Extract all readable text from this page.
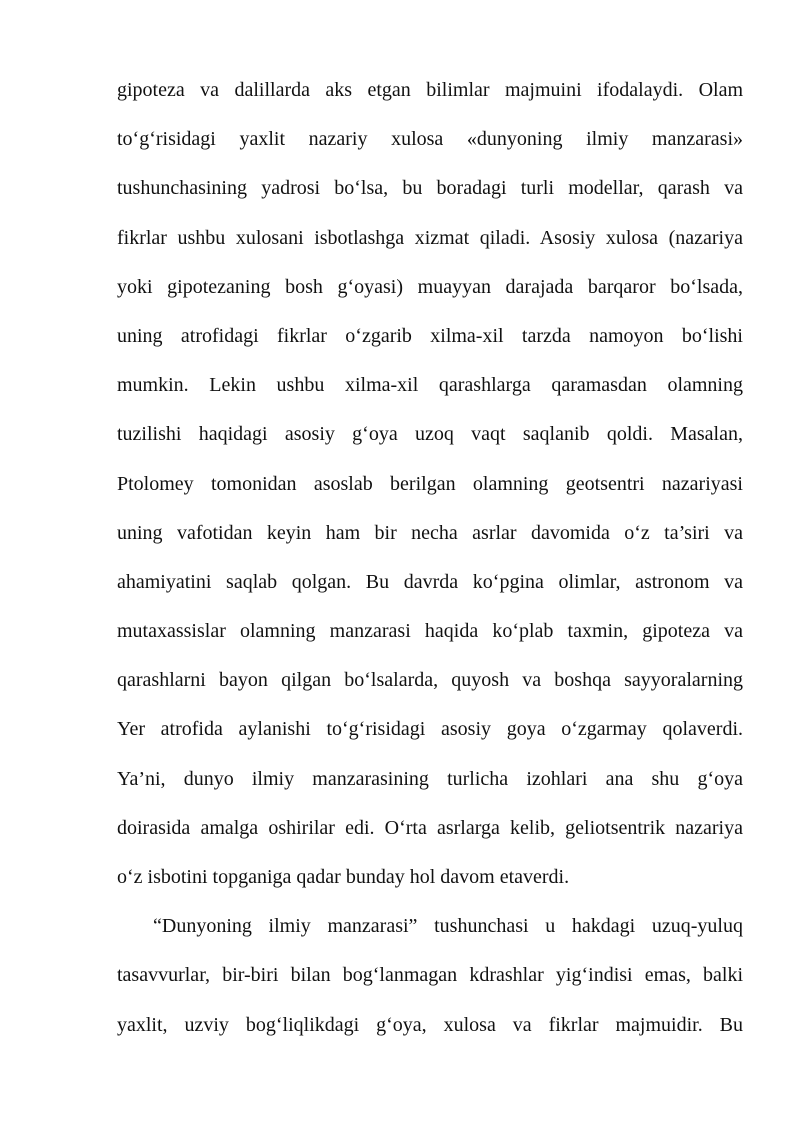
gipoteza va dalillarda aks etgan bilimlar majmuini ifodalaydi. Olam
to‘g‘risidagi yaxlit nazariy xulosa «dunyoning ilmiy manzarasi»
tushunchasining yadrosi bo‘lsa, bu boradagi turli modellar, qarash va
fikrlar ushbu xulosani isbotlashga xizmat qiladi. Asosiy xulosa (nazariya
yoki gipotezaning bosh g‘oyasi) muayyan darajada barqaror bo‘lsada,
uning atrofidagi fikrlar o‘zgarib xilma-xil tarzda namoyon bo‘lishi
mumkin. Lekin ushbu xilma-xil qarashlarga qaramasdan olamning
tuzilishi haqidagi asosiy g‘oya uzoq vaqt saqlanib qoldi. Masalan,
Ptolomey tomonidan asoslab berilgan olamning geotsentri nazariyasi
uning vafotidan keyin ham bir necha asrlar davomida o‘z ta’siri va
ahamiyatini saqlab qolgan. Bu davrda ko‘pgina olimlar, astronom va
mutaxassislar olamning manzarasi haqida ko‘plab taxmin, gipoteza va
qarashlarni bayon qilgan bo‘lsalarda, quyosh va boshqa sayyoralarning
Yer atrofida aylanishi to‘g‘risidagi asosiy goya o‘zgarmay qolaverdi.
Ya’ni, dunyo ilmiy manzarasining turlicha izohlari ana shu g‘oya
doirasida amalga oshirilar edi. O‘rta asrlarga kelib, geliotsentrik nazariya
o‘z isbotini topganiga qadar bunday hol davom etaverdi.
“Dunyoning ilmiy manzarasi” tushunchasi u hakdagi uzuq-yuluq
tasavvurlar, bir-biri bilan bog‘lanmagan kdrashlar yig‘indisi emas, balki
yaxlit, uzviy bog‘liqlikdagi g‘oya, xulosa va fikrlar majmuidir. Bu
